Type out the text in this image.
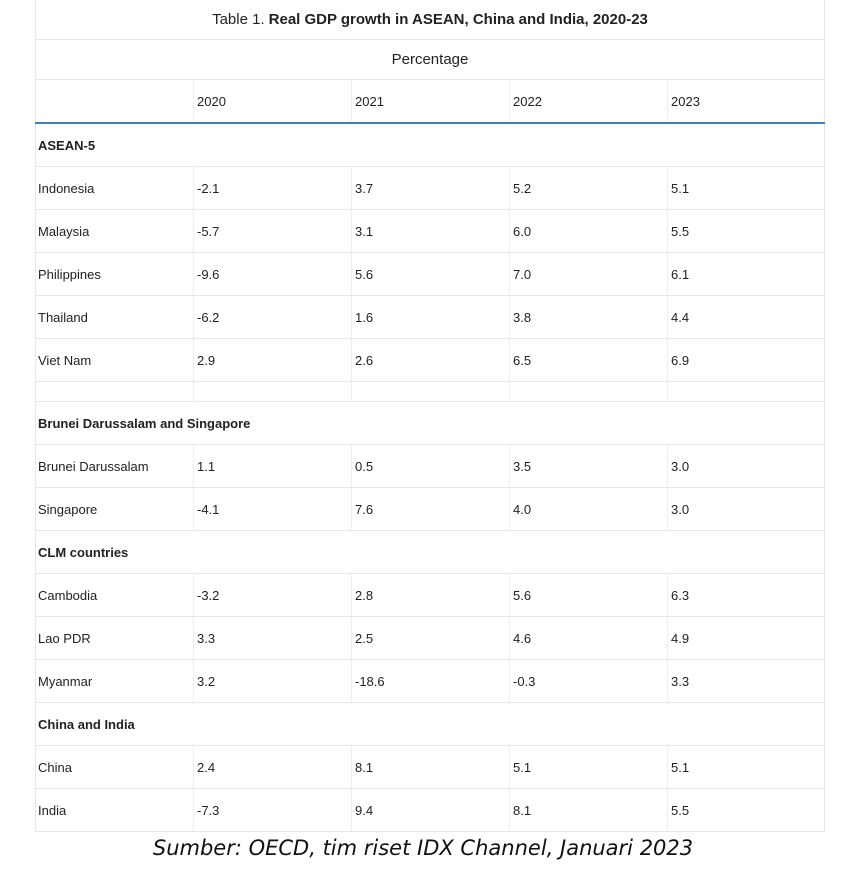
Table 1. Real GDP growth in ASEAN, China and India, 2020-23
Percentage
2020	2021	2022	2023
ASEAN-5
Indonesia	-2.1	3.7	5.2	5.1
Malaysia	-5.7	3.1	6.0	5.5
Philippines	-9.6	5.6	7.0	6.1
Thailand	-6.2	1.6	3.8	4.4
Viet Nam	2.9	2.6	6.5	6.9
Brunei Darussalam and Singapore
Brunei Darussalam	1.1	0.5	3.5	3.0
Singapore	-4.1	7.6	4.0	3.0
CLM countries
Cambodia	-3.2	2.8	5.6	6.3
Lao PDR	3.3	2.5	4.6	4.9
Myanmar	3.2	-18.6	-0.3	3.3
China and India
China	2.4	8.1	5.1	5.1
India	-7.3	9.4	8.1	5.5
Sumber: OECD, tim riset IDX Channel, Januari 2023
